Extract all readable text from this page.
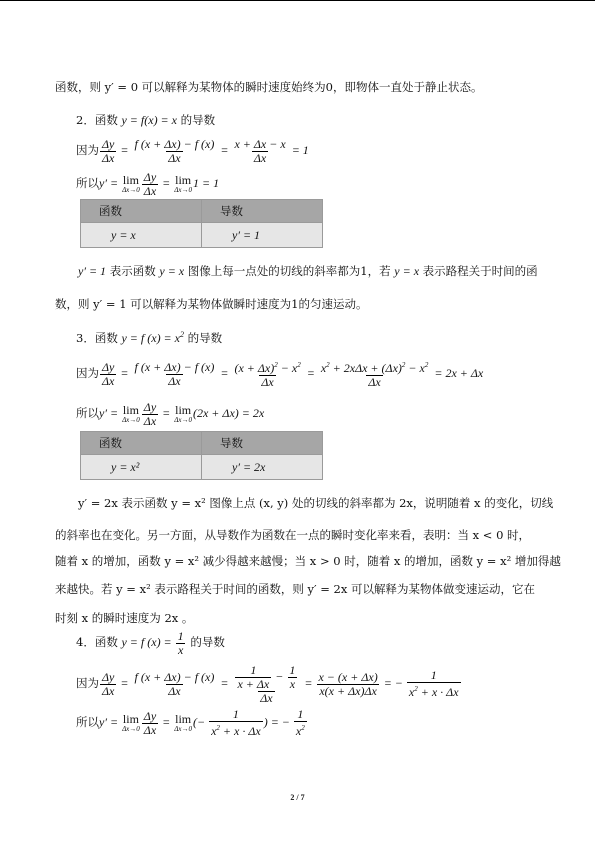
函数，则 y′ = 0 可以解释为某物体的瞬时速度始终为0，即物体一直处于静止状态。
2．函数 y = f(x) = x 的导数
因为 $\frac{\Delta y}{\Delta x} = \frac{f (x + \Delta x) - f (x)}{\Delta x} = \frac{x + \Delta x - x}{\Delta x} = 1$
所以y′ = lim
$\Delta x\to 0 \frac{\Delta y}{\Delta x} = \lim$
Δx→0
1 = 1
函数	导数
y = x	y′ = 1
y′ = 1 表示函数 y = x 图像上每一点处的切线的斜率都为1，若 y = x 表示路程关于时间的函
数，则 y′ = 1 可以解释为某物体做瞬时速度为1的匀速运动。
3．函数 y = f $(x) = x^2$ 的导数
因为 $\frac{\Delta y}{\Delta x} = \frac{f (x + \Delta x) - f (x)}{\Delta x} = \frac{(x + \Delta x)^2 - x^2}{\Delta x} = \frac{x^2 + 2x\Delta x + (\Delta x)^2 - x^2}{\Delta x} = 2x + \Delta x$
所以y′ = lim
$\Delta x\to 0 \frac{\Delta y}{\Delta x} = \lim$
Δx→0
(2x + Δx) = 2x
函数	导数
y = x²	y′ = 2x
y′ = 2x 表示函数 y = x² 图像上点 (x, y) 处的切线的斜率都为 2x，说明随着 x 的变化，切线
的斜率也在变化。另一方面，从导数作为函数在一点的瞬时变化率来看，表明：当 x < 0 时，
随着 x 的增加，函数 y = x² 减少得越来越慢；当 x > 0 时，随着 x 的增加，函数 y = x² 增加得越
来越快。若 y = x² 表示路程关于时间的函数，则 y′ = 2x 可以解释为某物体做变速运动，它在
时刻 x 的瞬时速度为 2x 。
4．函数 y = f $(x) = \frac{1}{x}$ 的导数
因为 $\frac{\Delta y}{\Delta x} = \frac{f (x + \Delta x) - f (x)}{\Delta x} = \frac{\frac{1}{x + \Delta x} - \frac{1}{x}}{\Delta x} = \frac{x - (x + \Delta x)}{x(x + \Delta x)\Delta x}$ = − $\frac{1}{x^2 + x \cdot \Delta x}$
所以y′ = lim
$\Delta x\to 0 \frac{\Delta y}{\Delta x} = \lim$
Δx→0
(− $\frac{1}{x^2 + x \cdot \Delta x}$ ) = − $\frac{1}{x^2}$
2 / 7
